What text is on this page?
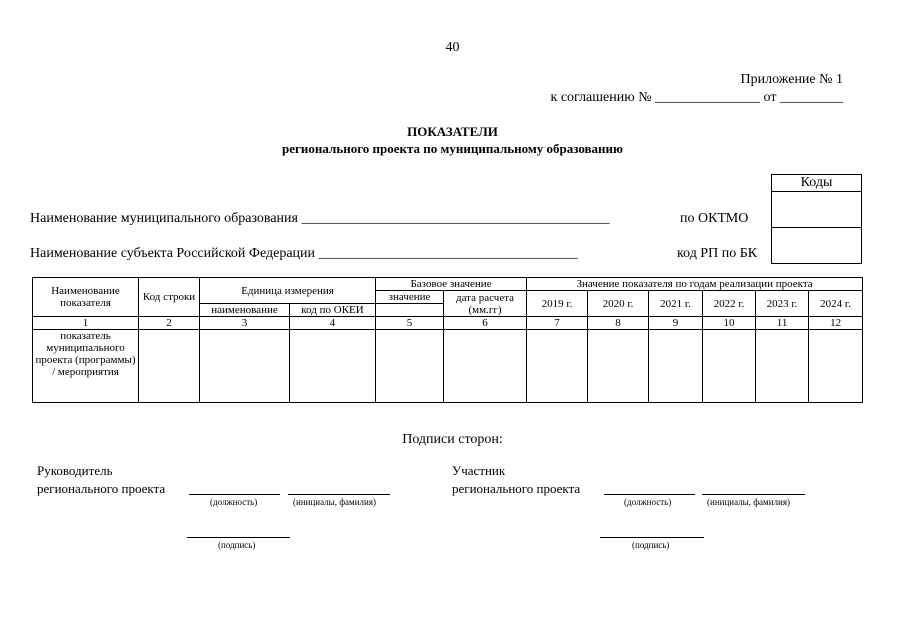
40
Приложение № 1
к соглашению № _______________ от _________
ПОКАЗАТЕЛИ
регионального проекта по муниципальному образованию
Коды

Наименование муниципального образования ____________________________________________	по ОКТМО
Наименование субъекта Российской Федерации _____________________________________	код РП по БК
Наименование показателя	Код строки	Единица измерения		Базовое значение		Значение показателя по годам реализации проекта					
				значение	дата расчета (мм.гг)	2019 г.	2020 г.	2021 г.	2022 г.	2023 г.	2024 г.
		наименование	код по ОКЕИ								
1	2	3	4	5	6	7	8	9	10	11	12
показатель муниципального проекта (программы) / мероприятия											
Подписи сторон:
Руководитель
регионального проекта
(должность)	(инициалы, фамилия)
(подпись)
Участник
регионального проекта
(должность)	(инициалы, фамилия)
(подпись)
